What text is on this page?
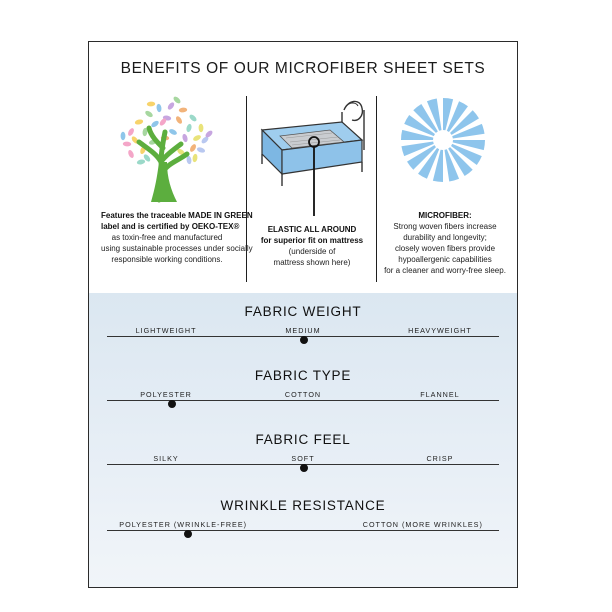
BENEFITS OF OUR MICROFIBER SHEET SETS
Features the traceable MADE IN GREEN
label and is certified by OEKO-TEX®
as toxin-free and manufactured
using sustainable processes under socially
responsible working conditions.
ELASTIC ALL AROUND
for superior fit on mattress
(underside of
mattress shown here)
MICROFIBER:
Strong woven fibers increase
durability and longevity;
closely woven fibers provide
hypoallergenic capabilities
for a cleaner and worry-free sleep.
FABRIC WEIGHT
LIGHTWEIGHT	MEDIUM	HEAVYWEIGHT
FABRIC TYPE
POLYESTER	COTTON	FLANNEL
FABRIC FEEL
SILKY	SOFT	CRISP
WRINKLE RESISTANCE
POLYESTER (WRINKLE-FREE)	COTTON (MORE WRINKLES)
